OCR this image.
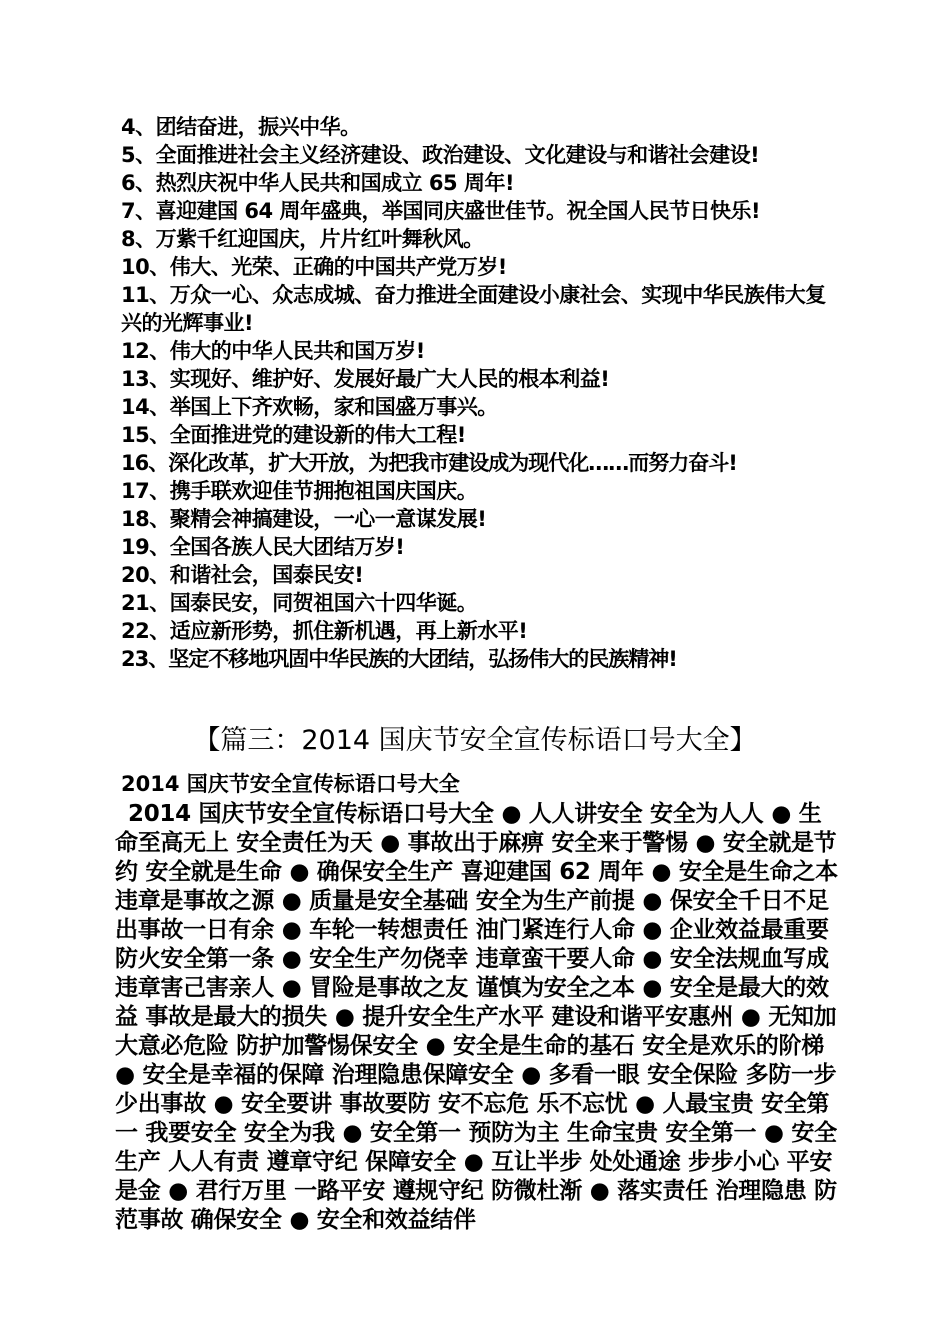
4、团结奋进，振兴中华。
5、全面推进社会主义经济建设、政治建设、文化建设与和谐社会建设!
6、热烈庆祝中华人民共和国成立 65 周年!
7、喜迎建国 64 周年盛典，举国同庆盛世佳节。祝全国人民节日快乐!
8、万紫千红迎国庆，片片红叶舞秋风。
10、伟大、光荣、正确的中国共产党万岁!
11、万众一心、众志成城、奋力推进全面建设小康社会、实现中华民族伟大复兴的光辉事业!
12、伟大的中华人民共和国万岁!
13、实现好、维护好、发展好最广大人民的根本利益!
14、举国上下齐欢畅，家和国盛万事兴。
15、全面推进党的建设新的伟大工程!
16、深化改革，扩大开放，为把我市建设成为现代化……而努力奋斗!
17、携手联欢迎佳节拥抱祖国庆国庆。
18、聚精会神搞建设，一心一意谋发展!
19、全国各族人民大团结万岁!
20、和谐社会，国泰民安!
21、国泰民安，同贺祖国六十四华诞。
22、适应新形势，抓住新机遇，再上新水平!
23、坚定不移地巩固中华民族的大团结，弘扬伟大的民族精神!
【篇三：2014 国庆节安全宣传标语口号大全】
2014 国庆节安全宣传标语口号大全
2014 国庆节安全宣传标语口号大全 ● 人人讲安全 安全为人人 ● 生命至高无上 安全责任为天 ● 事故出于麻痹 安全来于警惕 ● 安全就是节约 安全就是生命 ● 确保安全生产 喜迎建国 62 周年 ● 安全是生命之本 违章是事故之源 ● 质量是安全基础 安全为生产前提 ● 保安全千日不足 出事故一日有余 ● 车轮一转想责任 油门紧连行人命 ● 企业效益最重要 防火安全第一条 ● 安全生产勿侥幸 违章蛮干要人命 ● 安全法规血写成 违章害己害亲人 ● 冒险是事故之友 谨慎为安全之本 ● 安全是最大的效益 事故是最大的损失 ● 提升安全生产水平 建设和谐平安惠州 ● 无知加大意必危险 防护加警惕保安全 ● 安全是生命的基石 安全是欢乐的阶梯 ● 安全是幸福的保障 治理隐患保障安全 ● 多看一眼 安全保险 多防一步 少出事故 ● 安全要讲 事故要防 安不忘危 乐不忘忧 ● 人最宝贵 安全第一 我要安全 安全为我 ● 安全第一 预防为主 生命宝贵 安全第一 ● 安全生产 人人有责 遵章守纪 保障安全 ● 互让半步 处处通途 步步小心 平安是金 ● 君行万里 一路平安 遵规守纪 防微杜渐 ● 落实责任 治理隐患 防范事故 确保安全 ● 安全和效益结伴
